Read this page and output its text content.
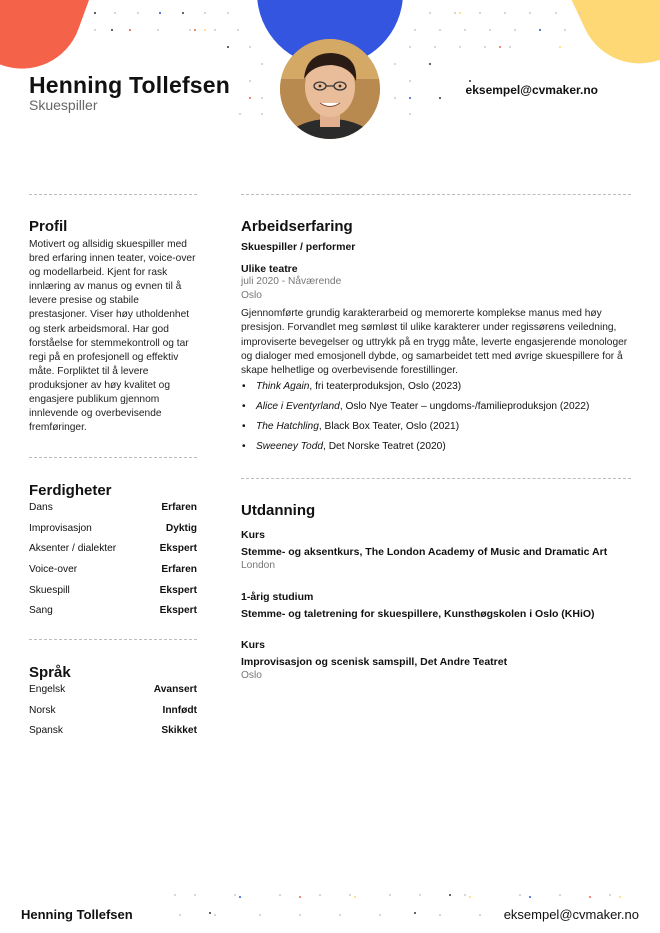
Henning Tollefsen
Skuespiller
eksempel@cvmaker.no
Profil
Motivert og allsidig skuespiller med bred erfaring innen teater, voice-over og modellarbeid. Kjent for rask innlæring av manus og evnen til å levere presise og stabile prestasjoner. Viser høy utholdenhet og sterk arbeidsmoral. Har god forståelse for stemmekontroll og tar regi på en profesjonell og effektiv måte. Forpliktet til å levere produksjoner av høy kvalitet og engasjere publikum gjennom innlevende og overbevisende fremføringer.
Ferdigheter
Dans	Erfaren
Improvisasjon	Dyktig
Aksenter / dialekter	Ekspert
Voice-over	Erfaren
Skuespill	Ekspert
Sang	Ekspert
Språk
Engelsk	Avansert
Norsk	Innfødt
Spansk	Skikket
Arbeidserfaring
Skuespiller / performer
Ulike teatre
juli 2020 - Nåværende
Oslo
Gjennomførte grundig karakterarbeid og memorerte komplekse manus med høy presisjon. Forvandlet meg sømløst til ulike karakterer under regissørens veiledning, improviserte bevegelser og uttrykk på en trygg måte, leverte engasjerende monologer og dialoger med emosjonell dybde, og samarbeidet tett med øvrige skuespillere for å skape helhetlige og overbevisende forestillinger.
• Think Again, fri teaterproduksjon, Oslo (2023)
• Alice i Eventyrland, Oslo Nye Teater – ungdoms-/familieproduksjon (2022)
• The Hatchling, Black Box Teater, Oslo (2021)
• Sweeney Todd, Det Norske Teatret (2020)
Utdanning
Kurs
Stemme- og aksentkurs, The London Academy of Music and Dramatic Art
London
1-årig studium
Stemme- og taletrening for skuespillere, Kunsthøgskolen i Oslo (KHiO)
Kurs
Improvisasjon og scenisk samspill, Det Andre Teatret
Oslo
Henning Tollefsen	eksempel@cvmaker.no
